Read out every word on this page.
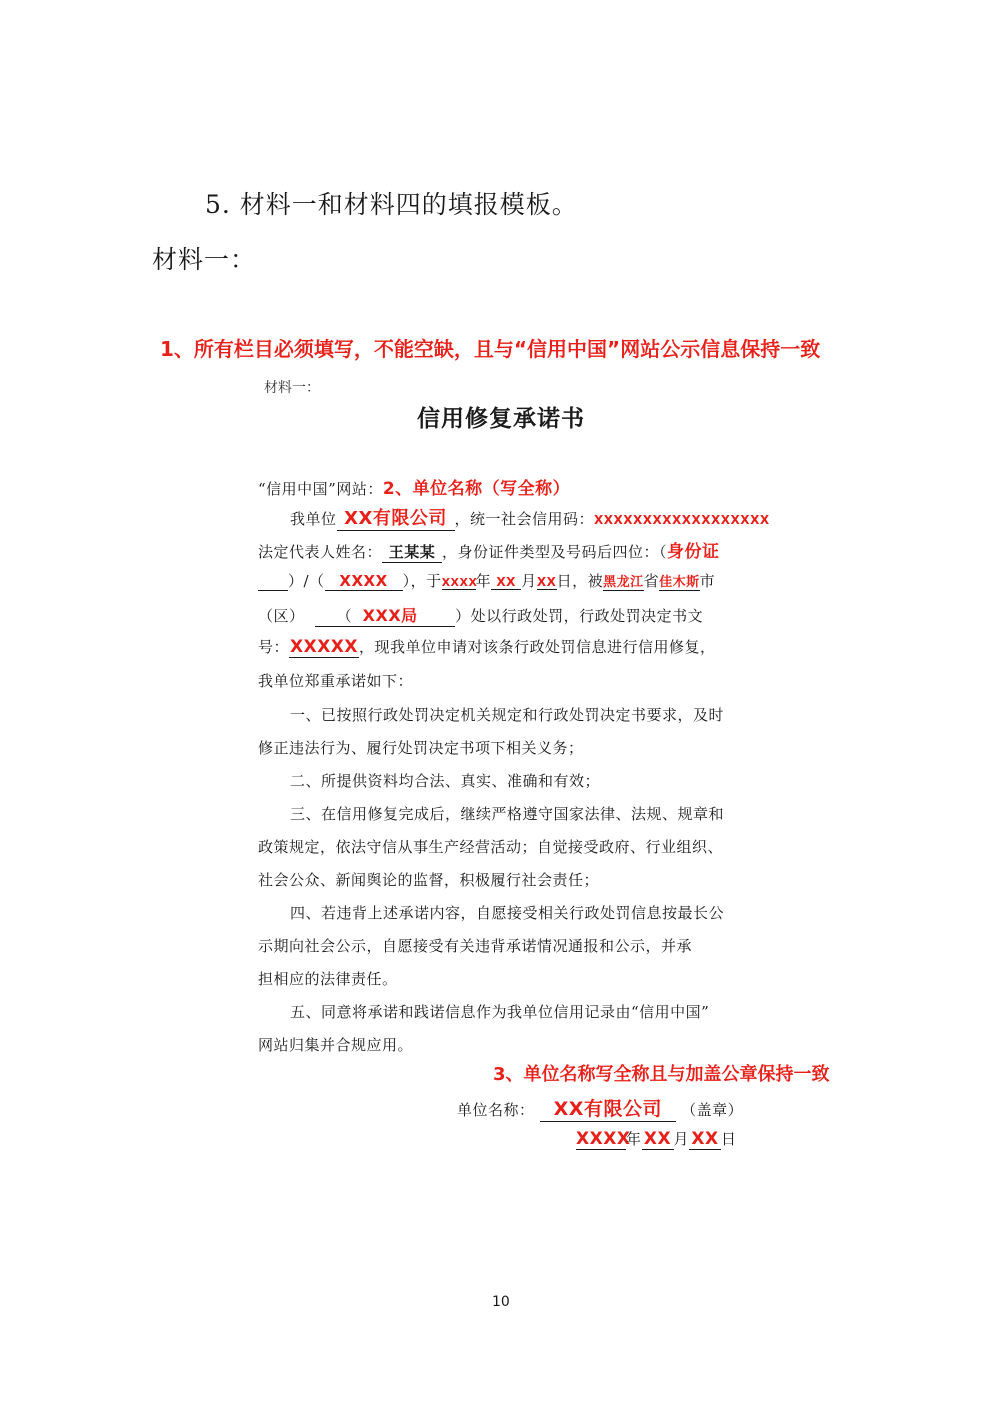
5. 材料一和材料四的填报模板。
材料一：
1、所有栏目必须填写，不能空缺，且与“信用中国”网站公示信息保持一致
材料一：
信用修复承诺书
“信用中国”网站：2、单位名称（写全称）
我单位 XX有限公司 ，统一社会信用码：XXXXXXXXXXXXXXXXXX
法定代表人姓名： 王某某 ，身份证件类型及号码后四位：（身份证
）/（ XXXX ），于XXXX年 XX 月XX日，被黑龙江省佳木斯市
（区） （ XXX局 ）处以行政处罚，行政处罚决定书文
号：XXXXX，现我单位申请对该条行政处罚信息进行信用修复，
我单位郑重承诺如下：
一、已按照行政处罚决定机关规定和行政处罚决定书要求，及时
修正违法行为、履行处罚决定书项下相关义务；
二、所提供资料均合法、真实、准确和有效；
三、在信用修复完成后，继续严格遵守国家法律、法规、规章和
政策规定，依法守信从事生产经营活动；自觉接受政府、行业组织、
社会公众、新闻舆论的监督，积极履行社会责任；
四、若违背上述承诺内容，自愿接受相关行政处罚信息按最长公
示期向社会公示，自愿接受有关违背承诺情况通报和公示，并承
担相应的法律责任。
五、同意将承诺和践诺信息作为我单位信用记录由“信用中国”
网站归集并合规应用。
3、单位名称写全称且与加盖公章保持一致
单位名称： XX有限公司 （盖章）
XXXX年 XX 月 XX 日
10
